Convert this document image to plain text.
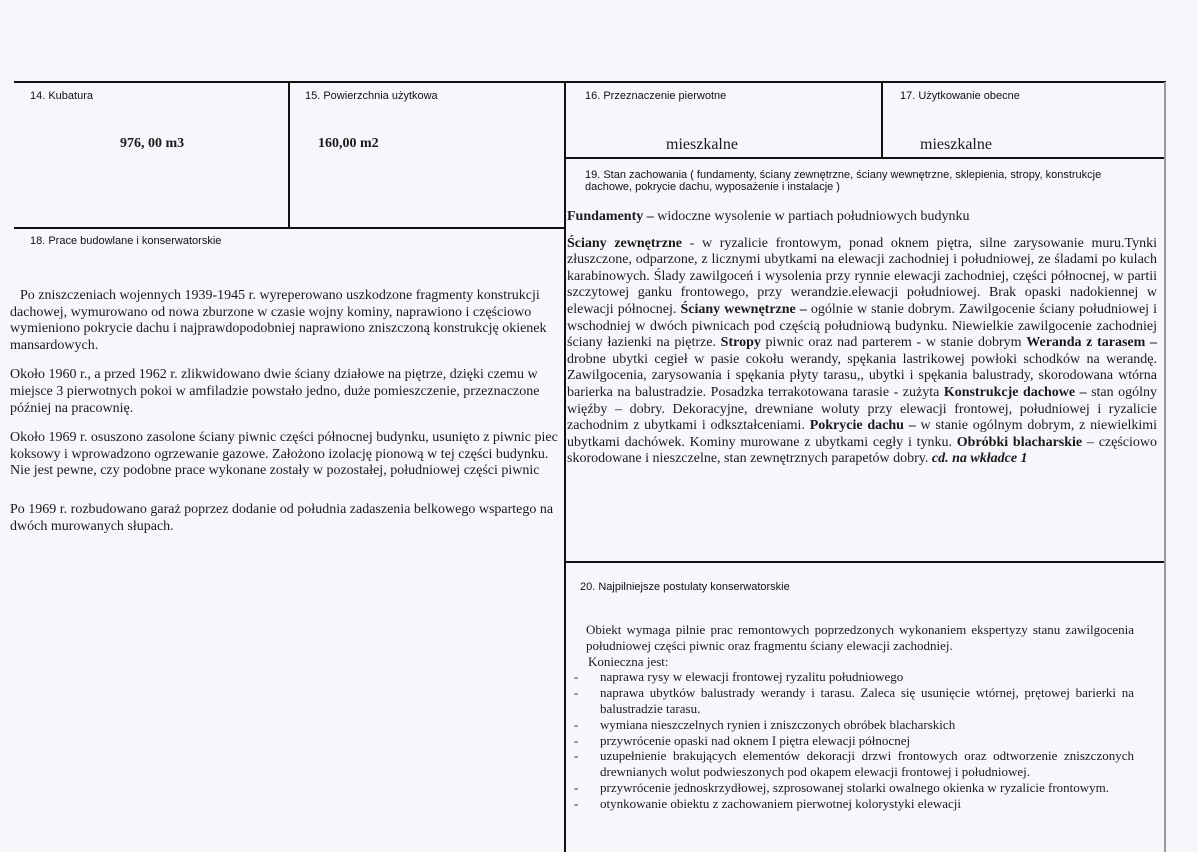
14. Kubatura
976, 00 m3
15. Powierzchnia użytkowa
160,00 m2
16. Przeznaczenie pierwotne
mieszkalne
17. Użytkowanie obecne
mieszkalne
18. Prace budowlane i konserwatorskie

Po zniszczeniach wojennych 1939-1945 r. wyreperowano uszkodzone fragmenty konstrukcji dachowej, wymurowano od nowa zburzone w czasie wojny kominy, naprawiono i częściowo wymieniono pokrycie dachu i najprawdopodobniej naprawiono zniszczoną konstrukcję okienek mansardowych.

Około 1960 r., a przed 1962 r. zlikwidowano dwie ściany działowe na piętrze, dzięki czemu w miejsce 3 pierwotnych pokoi w amfiladzie powstało jedno, duże pomieszczenie, przeznaczone później na pracownię.

Około 1969 r. osuszono zasolone ściany piwnic części północnej budynku, usunięto z piwnic piec koksowy i wprowadzono ogrzewanie gazowe. Założono izolację pionową w tej części budynku. Nie jest pewne, czy podobne prace wykonane zostały w pozostałej, południowej części piwnic

Po 1969 r. rozbudowano garaż poprzez dodanie od południa zadaszenia belkowego wspartego na dwóch murowanych słupach.

19. Stan zachowania ( fundamenty, ściany zewnętrzne, ściany wewnętrzne, sklepienia, stropy, konstrukcje dachowe, pokrycie dachu, wyposażenie i instalacje )

Fundamenty – widoczne wysolenie w partiach południowych budynku

Ściany zewnętrzne - w ryzalicie frontowym, ponad oknem piętra, silne zarysowanie muru.Tynki złuszczone, odparzone, z licznymi ubytkami na elewacji zachodniej i południowej, ze śladami po kulach karabinowych. Ślady zawilgoceń i wysolenia przy rynnie elewacji zachodniej, części północnej, w partii szczytowej ganku frontowego, przy werandzie.elewacji południowej. Brak opaski nadokiennej w elewacji północnej. Ściany wewnętrzne – ogólnie w stanie dobrym. Zawilgocenie ściany południowej i wschodniej w dwóch piwnicach pod częścią południową budynku. Niewielkie zawilgocenie zachodniej ściany łazienki na piętrze. Stropy piwnic oraz nad parterem - w stanie dobrym Weranda z tarasem – drobne ubytki cegieł w pasie cokołu werandy, spękania lastrikowej powłoki schodków na werandę. Zawilgocenia, zarysowania i spękania płyty tarasu,, ubytki i spękania balustrady, skorodowana wtórna barierka na balustradzie. Posadzka terrakotowana tarasie - zużyta Konstrukcje dachowe – stan ogólny więźby – dobry. Dekoracyjne, drewniane woluty przy elewacji frontowej, południowej i ryzalicie zachodnim z ubytkami i odkształceniami. Pokrycie dachu – w stanie ogólnym dobrym, z niewielkimi ubytkami dachówek. Kominy murowane z ubytkami cegły i tynku. Obróbki blacharskie – częściowo skorodowane i nieszczelne, stan zewnętrznych parapetów dobry. cd. na wkładce 1

20. Najpilniejsze postulaty konserwatorskie
Obiekt wymaga pilnie prac remontowych poprzedzonych wykonaniem ekspertyzy stanu zawilgocenia południowej części piwnic oraz fragmentu ściany elewacji zachodniej.
Konieczna jest:
- naprawa rysy w elewacji frontowej ryzalitu południowego
- naprawa ubytków balustrady werandy i tarasu. Zaleca się usunięcie wtórnej, prętowej barierki na balustradzie tarasu.
- wymiana nieszczelnych rynien i zniszczonych obróbek blacharskich
- przywrócenie opaski nad oknem I piętra elewacji północnej
- uzupełnienie brakujących elementów dekoracji drzwi frontowych oraz odtworzenie zniszczonych drewnianych wolut podwieszonych pod okapem elewacji frontowej i południowej.
- przywrócenie jednoskrzydłowej, szprosowanej stolarki owalnego okienka w ryzalicie frontowym.
- otynkowanie obiektu z zachowaniem pierwotnej kolorystyki elewacji
